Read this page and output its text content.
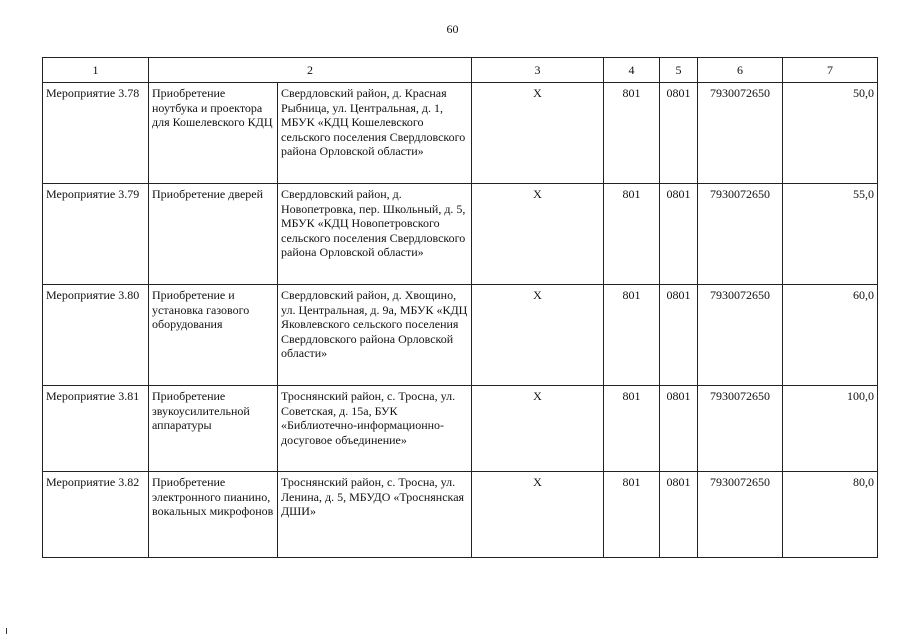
60
1	2		3	4	5	6	7
Мероприятие 3.78	Приобретение ноутбука и проектора для Кошелевского КДЦ	Свердловский район, д. Красная Рыбница, ул. Центральная, д. 1, МБУК «КДЦ Кошелевского сельского поселения Свердловского района Орловской области»	X	801	0801	7930072650	50,0
Мероприятие 3.79	Приобретение дверей	Свердловский район, д. Новопетровка, пер. Школьный, д. 5, МБУК «КДЦ Новопетровского сельского поселения Свердловского района Орловской области»	X	801	0801	7930072650	55,0
Мероприятие 3.80	Приобретение и установка газового оборудования	Свердловский район, д. Хвощино, ул. Центральная, д. 9а, МБУК «КДЦ Яковлевского сельского поселения Свердловского района Орловской области»	X	801	0801	7930072650	60,0
Мероприятие 3.81	Приобретение звукоусилительной аппаратуры	Троснянский район, с. Тросна, ул. Советская, д. 15а, БУК «Библиотечно-информационно-досуговое объединение»	X	801	0801	7930072650	100,0
Мероприятие 3.82	Приобретение электронного пианино, вокальных микрофонов	Троснянский район, с. Тросна, ул. Ленина, д. 5, МБУДО «Троснянская ДШИ»	X	801	0801	7930072650	80,0
